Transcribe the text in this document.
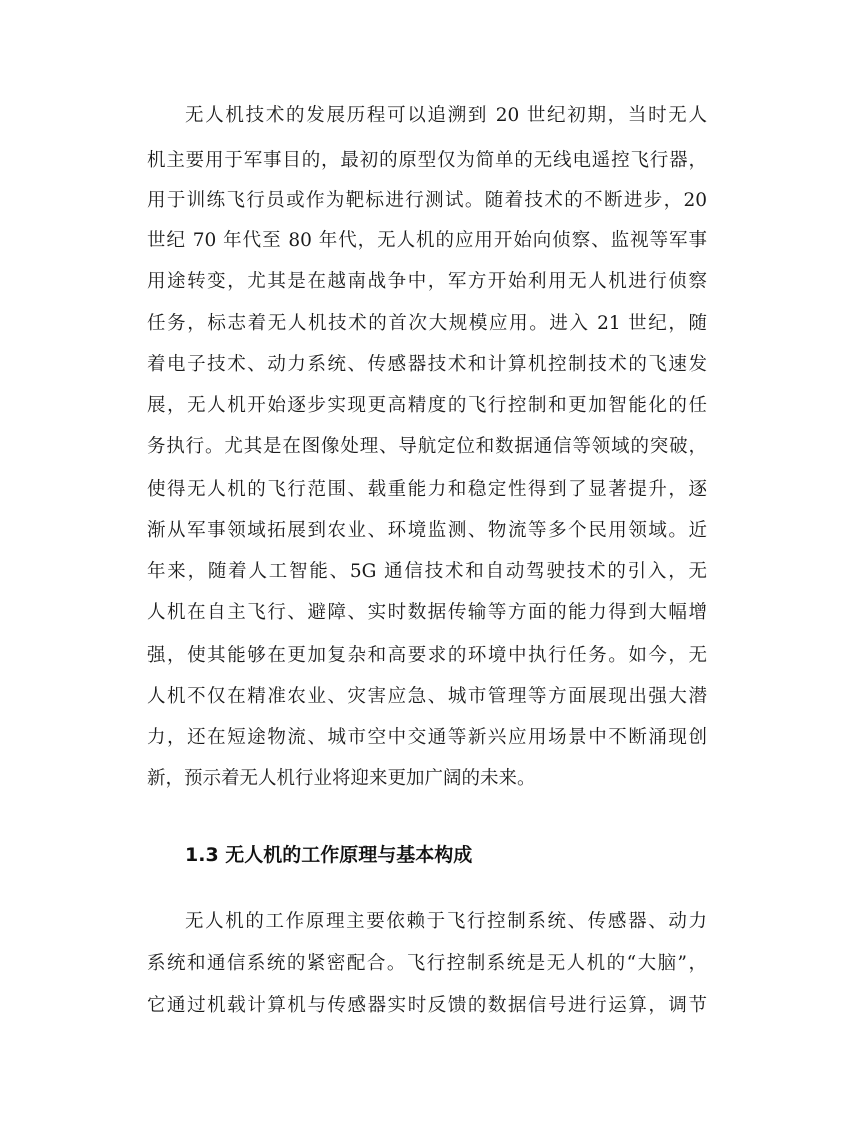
无人机技术的发展历程可以追溯到 20 世纪初期，当时无人
机主要用于军事目的，最初的原型仅为简单的无线电遥控飞行器，
用于训练飞行员或作为靶标进行测试。随着技术的不断进步，20
世纪 70 年代至 80 年代，无人机的应用开始向侦察、监视等军事
用途转变，尤其是在越南战争中，军方开始利用无人机进行侦察
任务，标志着无人机技术的首次大规模应用。进入 21 世纪，随
着电子技术、动力系统、传感器技术和计算机控制技术的飞速发
展，无人机开始逐步实现更高精度的飞行控制和更加智能化的任
务执行。尤其是在图像处理、导航定位和数据通信等领域的突破，
使得无人机的飞行范围、载重能力和稳定性得到了显著提升，逐
渐从军事领域拓展到农业、环境监测、物流等多个民用领域。近
年来，随着人工智能、5G 通信技术和自动驾驶技术的引入，无
人机在自主飞行、避障、实时数据传输等方面的能力得到大幅增
强，使其能够在更加复杂和高要求的环境中执行任务。如今，无
人机不仅在精准农业、灾害应急、城市管理等方面展现出强大潜
力，还在短途物流、城市空中交通等新兴应用场景中不断涌现创
新，预示着无人机行业将迎来更加广阔的未来。
1.3 无人机的工作原理与基本构成
无人机的工作原理主要依赖于飞行控制系统、传感器、动力
系统和通信系统的紧密配合。飞行控制系统是无人机的“大脑”，
它通过机载计算机与传感器实时反馈的数据信号进行运算，调节
